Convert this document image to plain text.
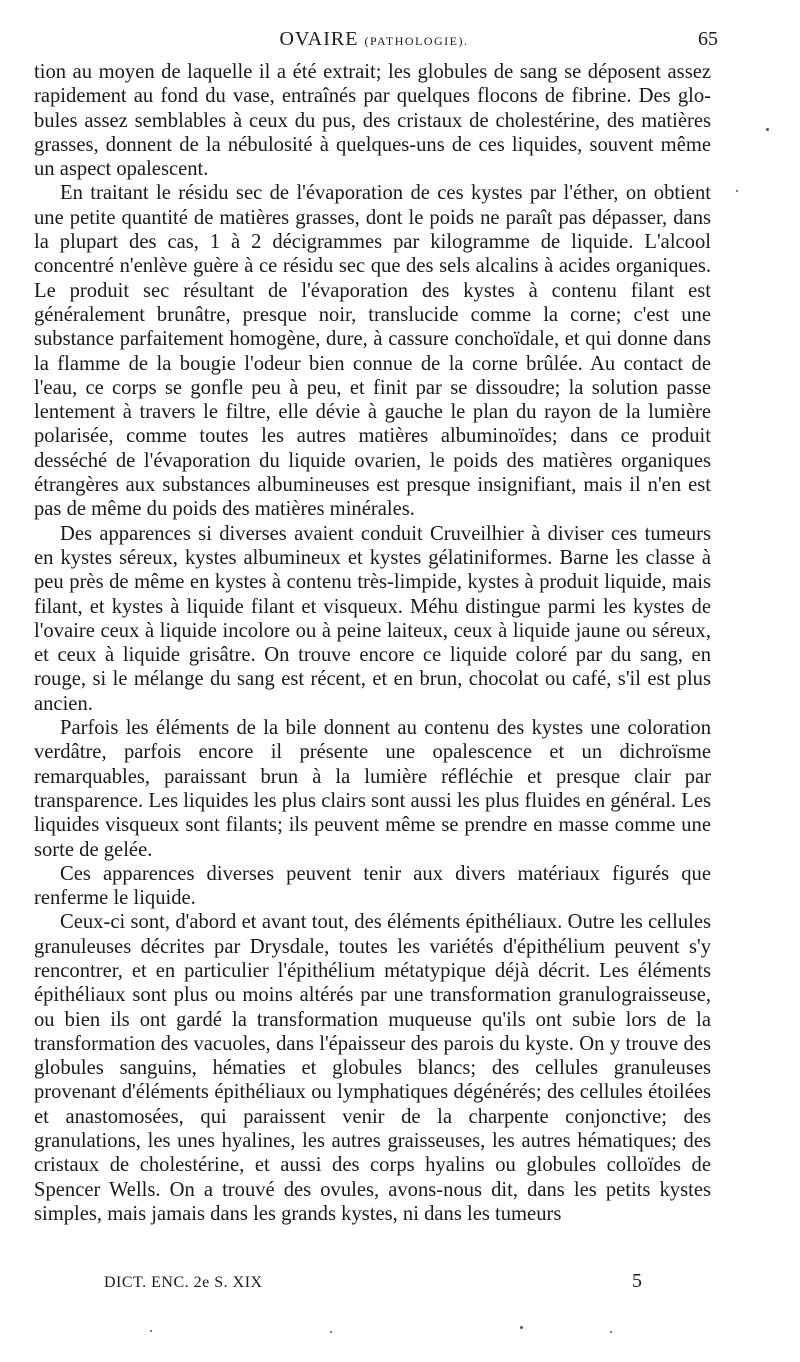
OVAIRE (PATHOLOGIE).	65

tion au moyen de laquelle il a été extrait; les globules de sang se déposent assez rapidement au fond du vase, entraînés par quelques flocons de fibrine. Des globules assez semblables à ceux du pus, des cristaux de cholestérine, des matières grasses, donnent de la nébulosité à quelques-uns de ces liquides, souvent même un aspect opalescent.

En traitant le résidu sec de l'évaporation de ces kystes par l'éther, on obtient une petite quantité de matières grasses, dont le poids ne paraît pas dépasser, dans la plupart des cas, 1 à 2 décigrammes par kilogramme de liquide. L'alcool concentré n'enlève guère à ce résidu sec que des sels alcalins à acides organiques. Le produit sec résultant de l'évaporation des kystes à contenu filant est généralement brunâtre, presque noir, translucide comme la corne; c'est une substance parfaitement homogène, dure, à cassure conchoïdale, et qui donne dans la flamme de la bougie l'odeur bien connue de la corne brûlée. Au contact de l'eau, ce corps se gonfle peu à peu, et finit par se dissoudre; la solution passe lentement à travers le filtre, elle dévie à gauche le plan du rayon de la lumière polarisée, comme toutes les autres matières albuminoïdes; dans ce produit desséché de l'évaporation du liquide ovarien, le poids des matières organiques étrangères aux substances albumineuses est presque insignifiant, mais il n'en est pas de même du poids des matières minérales.

Des apparences si diverses avaient conduit Cruveilhier à diviser ces tumeurs en kystes séreux, kystes albumineux et kystes gélatiniformes. Barne les classe à peu près de même en kystes à contenu très-limpide, kystes à produit liquide, mais filant, et kystes à liquide filant et visqueux. Méhu distingue parmi les kystes de l'ovaire ceux à liquide incolore ou à peine laiteux, ceux à liquide jaune ou séreux, et ceux à liquide grisâtre. On trouve encore ce liquide coloré par du sang, en rouge, si le mélange du sang est récent, et en brun, chocolat ou café, s'il est plus ancien.

Parfois les éléments de la bile donnent au contenu des kystes une coloration verdâtre, parfois encore il présente une opalescence et un dichroïsme remarquables, paraissant brun à la lumière réfléchie et presque clair par transparence. Les liquides les plus clairs sont aussi les plus fluides en général. Les liquides visqueux sont filants; ils peuvent même se prendre en masse comme une sorte de gelée.

Ces apparences diverses peuvent tenir aux divers matériaux figurés que renferme le liquide.

Ceux-ci sont, d'abord et avant tout, des éléments épithéliaux. Outre les cellules granuleuses décrites par Drysdale, toutes les variétés d'épithélium peuvent s'y rencontrer, et en particulier l'épithélium métatypique déjà décrit. Les éléments épithéliaux sont plus ou moins altérés par une transformation granulograisseuse, ou bien ils ont gardé la transformation muqueuse qu'ils ont subie lors de la transformation des vacuoles, dans l'épaisseur des parois du kyste. On y trouve des globules sanguins, hématies et globules blancs; des cellules granuleuses provenant d'éléments épithéliaux ou lymphatiques dégénérés; des cellules étoilées et anastomosées, qui paraissent venir de la charpente conjonctive; des granulations, les unes hyalines, les autres graisseuses, les autres hématiques; des cristaux de cholestérine, et aussi des corps hyalins ou globules colloïdes de Spencer Wells. On a trouvé des ovules, avons-nous dit, dans les petits kystes simples, mais jamais dans les grands kystes, ni dans les tumeurs

DICT. ENC. 2e S. XIX	5
